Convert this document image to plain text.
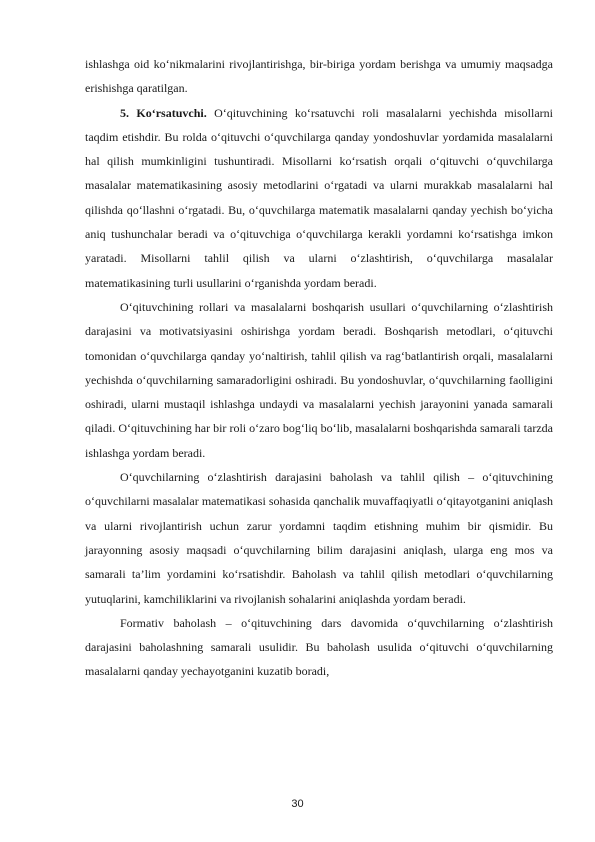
ishlashga oid ko‘nikmalarini rivojlantirishga, bir-biriga yordam berishga va umumiy maqsadga erishishga qaratilgan.

5. Ko‘rsatuvchi. O‘qituvchining ko‘rsatuvchi roli masalalarni yechishda misollarni taqdim etishdir. Bu rolda o‘qituvchi o‘quvchilarga qanday yondoshuvlar yordamida masalalarni hal qilish mumkinligini tushuntiradi. Misollarni ko‘rsatish orqali o‘qituvchi o‘quvchilarga masalalar matematikasining asosiy metodlarini o‘rgatadi va ularni murakkab masalalarni hal qilishda qo‘llashni o‘rgatadi. Bu, o‘quvchilarga matematik masalalarni qanday yechish bo‘yicha aniq tushunchalar beradi va o‘qituvchiga o‘quvchilarga kerakli yordamni ko‘rsatishga imkon yaratadi. Misollarni tahlil qilish va ularni o‘zlashtirish, o‘quvchilarga masalalar matematikasining turli usullarini o‘rganishda yordam beradi.

O‘qituvchining rollari va masalalarni boshqarish usullari o‘quvchilarning o‘zlashtirish darajasini va motivatsiyasini oshirishga yordam beradi. Boshqarish metodlari, o‘qituvchi tomonidan o‘quvchilarga qanday yo‘naltirish, tahlil qilish va rag‘batlantirish orqali, masalalarni yechishda o‘quvchilarning samaradorligini oshiradi. Bu yondoshuvlar, o‘quvchilarning faolligini oshiradi, ularni mustaqil ishlashga undaydi va masalalarni yechish jarayonini yanada samarali qiladi. O‘qituvchining har bir roli o‘zaro bog‘liq bo‘lib, masalalarni boshqarishda samarali tarzda ishlashga yordam beradi.

O‘quvchilarning o‘zlashtirish darajasini baholash va tahlil qilish – o‘qituvchining o‘quvchilarni masalalar matematikasi sohasida qanchalik muvaffaqiyatli o‘qitayotganini aniqlash va ularni rivojlantirish uchun zarur yordamni taqdim etishning muhim bir qismidir. Bu jarayonning asosiy maqsadi o‘quvchilarning bilim darajasini aniqlash, ularga eng mos va samarali ta’lim yordamini ko‘rsatishdir. Baholash va tahlil qilish metodlari o‘quvchilarning yutuqlarini, kamchiliklarini va rivojlanish sohalarini aniqlashda yordam beradi.

Formativ baholash – o‘qituvchining dars davomida o‘quvchilarning o‘zlashtirish darajasini baholashning samarali usulidir. Bu baholash usulida o‘qituvchi o‘quvchilarning masalalarni qanday yechayotganini kuzatib boradi,

30
